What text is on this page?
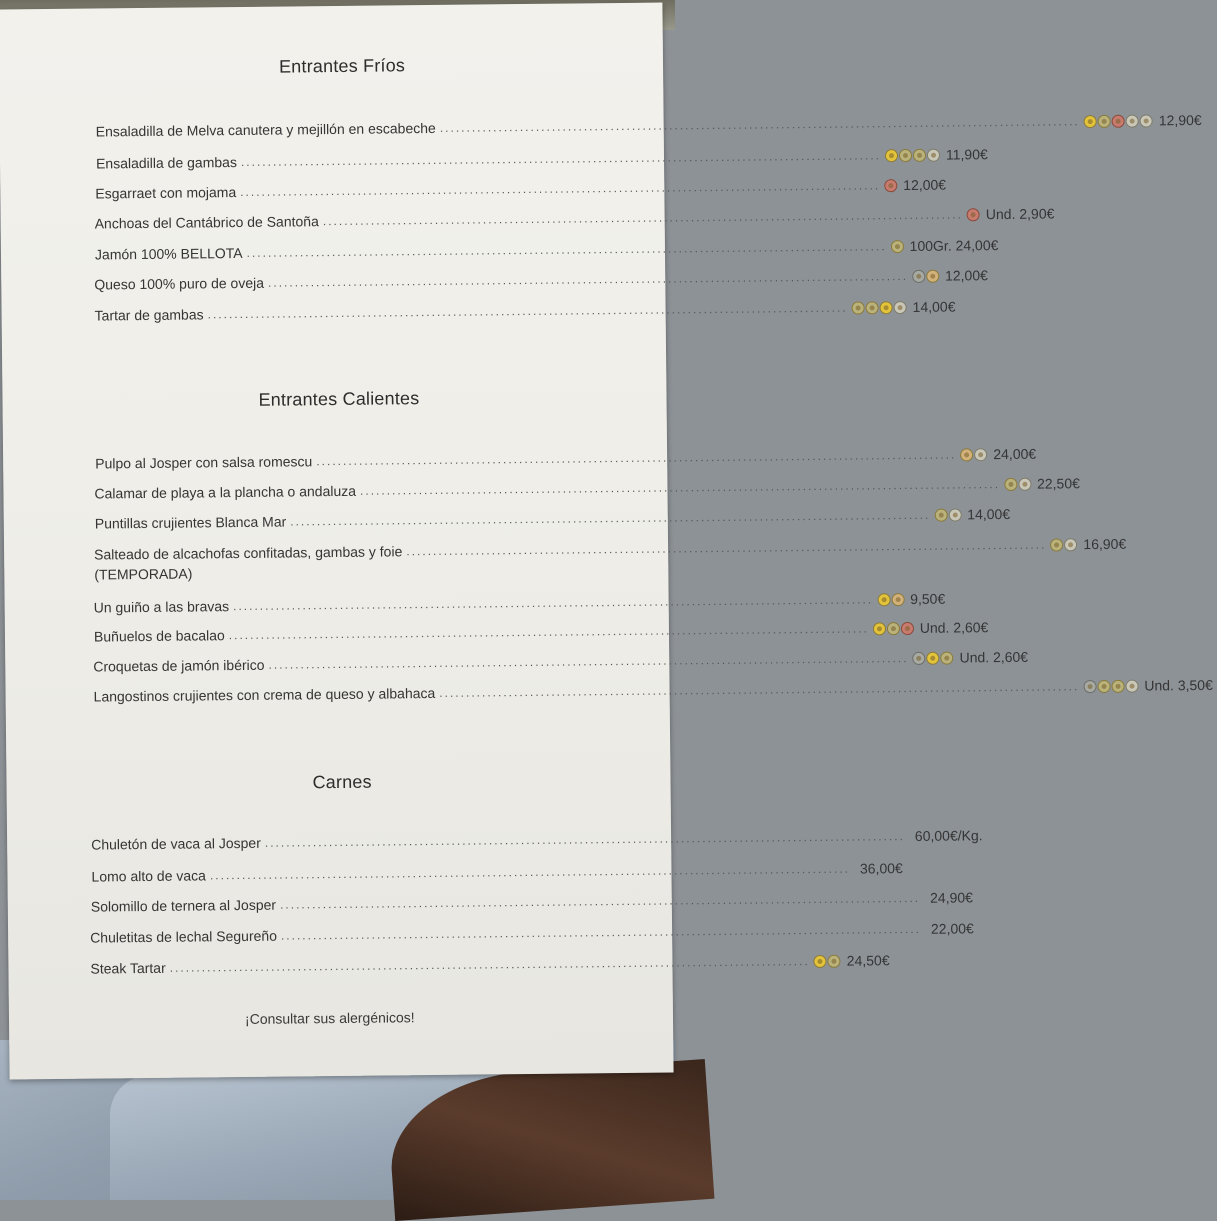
Entrantes Fríos
Ensaladilla de Melva canutera y mejillón en escabeche ........................................................................................................................	12,90€
Ensaladilla de gambas ........................................................................................................................	11,90€
Esgarraet con mojama ........................................................................................................................ 12,00€
Anchoas del Cantábrico de Santoña ........................................................................................................................ Und. 2,90€
Jamón 100% BELLOTA ........................................................................................................................ 100Gr. 24,00€
Queso 100% puro de oveja ........................................................................................................................	12,00€
Tartar de gambas ........................................................................................................................	14,00€
Entrantes Calientes
Pulpo al Josper con salsa romescu ........................................................................................................................	24,00€
Calamar de playa a la plancha o andaluza ........................................................................................................................	22,50€
Puntillas crujientes Blanca Mar ........................................................................................................................	14,00€
Salteado de alcachofas confitadas, gambas y foie ........................................................................................................................	16,90€
(TEMPORADA)
Un guiño a las bravas ........................................................................................................................	9,50€
Buñuelos de bacalao ........................................................................................................................	Und. 2,60€
Croquetas de jamón ibérico ........................................................................................................................	Und. 2,60€
Langostinos crujientes con crema de queso y albahaca ........................................................................................................................	Und. 3,50€
Carnes
Chuletón de vaca al Josper ........................................................................................................................ 60,00€/Kg.
Lomo alto de vaca ........................................................................................................................ 36,00€
Solomillo de ternera al Josper ........................................................................................................................ 24,90€
Chuletitas de lechal Segureño ........................................................................................................................ 22,00€
Steak Tartar ........................................................................................................................	24,50€
¡Consultar sus alergénicos!
